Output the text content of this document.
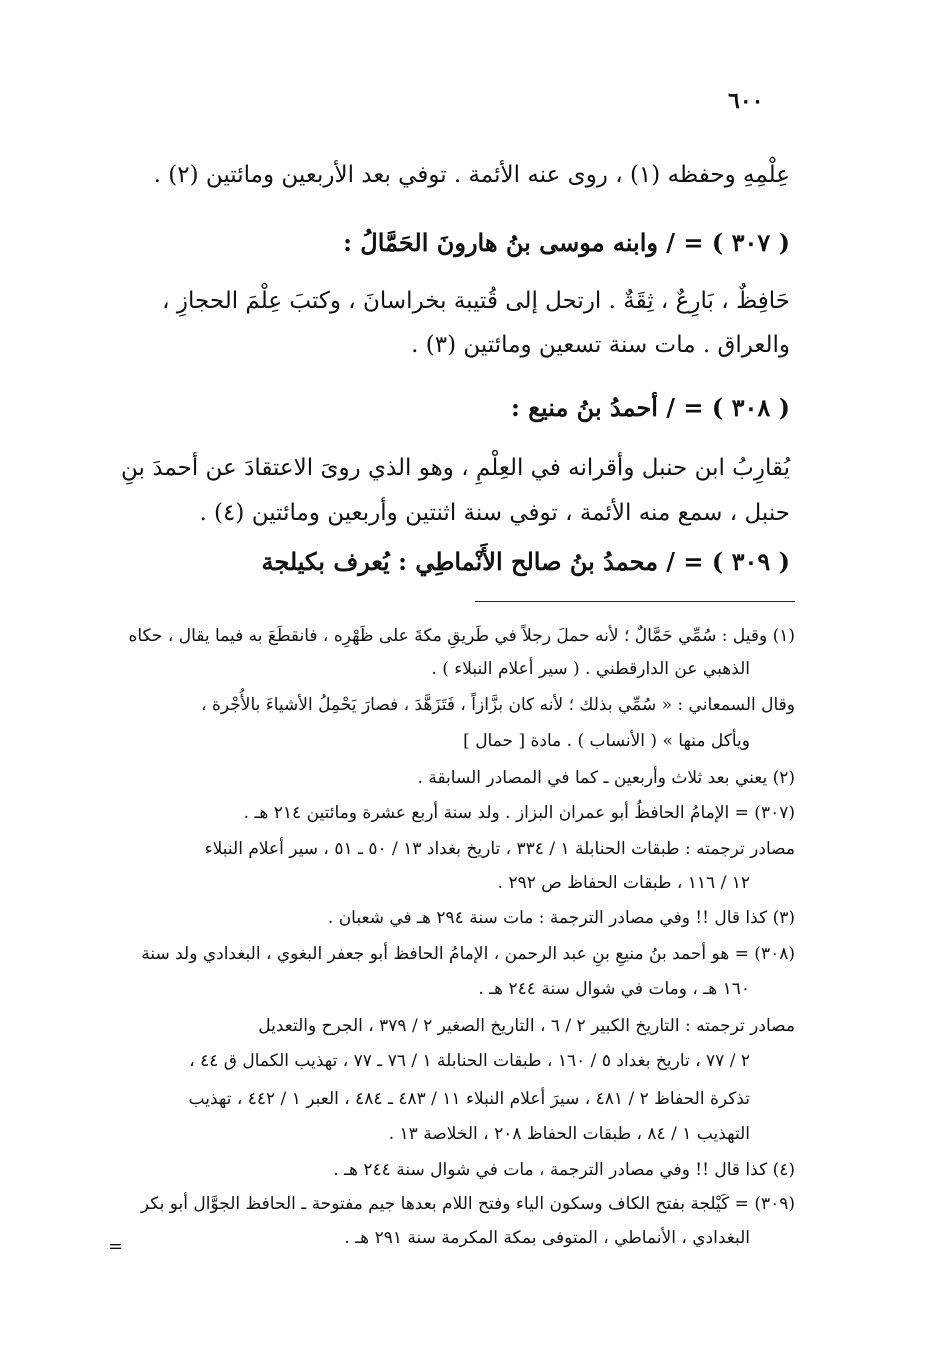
٦٠٠
عِلْمِهِ وحفظه (١) ، روى عنه الأئمة . توفي بعد الأربعين ومائتين (٢) .
( ٣٠٧ ) = / وابنه موسى بنُ هارونَ الحَمَّالُ :
حَافِظٌ ، بَارِعٌ ، ثِقَةٌ . ارتحل إلى قُتيبة بخراسانَ ، وكتبَ عِلْمَ الحجازِ ،
والعراق . مات سنة تسعين ومائتين (٣) .
( ٣٠٨ ) = / أحمدُ بنُ منيع :
يُقارِبُ ابن حنبل وأقرانه في العِلْمِ ، وهو الذي روىَ الاعتقادَ عن أحمدَ بنِ
حنبل ، سمع منه الأئمة ، توفي سنة اثنتين وأربعين ومائتين (٤) .
( ٣٠٩ ) = / محمدُ بنُ صالح الأَنْماطِي : يُعرف بكيلجة
(١) وقيل : سُمِّي حَمَّالٌ ؛ لأنه حملَ رجلاً في طَريقِ مكةَ على ظَهْرِه ، فانقطَعَ به فيما يقال ، حكاه
الذهبي عن الدارقطني . ( سير أعلام النبلاء ) .
وقال السمعاني : « سُمِّي بذلك ؛ لأنه كان بزَّازاً ، فَتَزَهَّدَ ، فصارَ يَحْمِلُ الأشياءَ بالأُجْرة ،
ويأكل منها » ( الأنساب ) . مادة [ حمال ]
(٢) يعني بعد ثلاث وأربعين ـ كما في المصادر السابقة .
(٣٠٧) = الإمامُ الحافظُ أبو عمران البزاز . ولد سنة أربع عشرة ومائتين ٢١٤ هـ .
مصادر ترجمته : طبقات الحنابلة ١ / ٣٣٤ ، تاريخ بغداد ١٣ / ٥٠ ـ ٥١ ، سير أعلام النبلاء
١٢ / ١١٦ ، طبقات الحفاظ ص ٢٩٢ .
(٣) كذا قال !! وفي مصادر الترجمة : مات سنة ٢٩٤ هـ في شعبان .
(٣٠٨) = هو أحمد بنُ منيعِ بنِ عبد الرحمن ، الإمامُ الحافظ أبو جعفر البغوي ، البغدادي ولد سنة
١٦٠ هـ ، ومات في شوال سنة ٢٤٤ هـ .
مصادر ترجمته : التاريخ الكبير ٢ / ٦ ، التاريخ الصغير ٢ / ٣٧٩ ، الجرح والتعديل
٢ / ٧٧ ، تاريخ بغداد ٥ / ١٦٠ ، طبقات الحنابلة ١ / ٧٦ ـ ٧٧ ، تهذيب الكمال ق ٤٤ ،
تذكرة الحفاظ ٢ / ٤٨١ ، سيرَ أعلام النبلاء ١١ / ٤٨٣ ـ ٤٨٤ ، العبر ١ / ٤٤٢ ، تهذيب
التهذيب ١ / ٨٤ ، طبقات الحفاظ ٢٠٨ ، الخلاصة ١٣ .
(٤) كذا قال !! وفي مصادر الترجمة ، مات في شوال سنة ٢٤٤ هـ .
(٣٠٩) = كَيْلجة بفتح الكاف وسكون الياء وفتح اللام بعدها جيم مفتوحة ـ الحافظ الجوَّال أبو بكر
البغدادي ، الأنماطي ، المتوفى بمكة المكرمة سنة ٢٩١ هـ .
=
